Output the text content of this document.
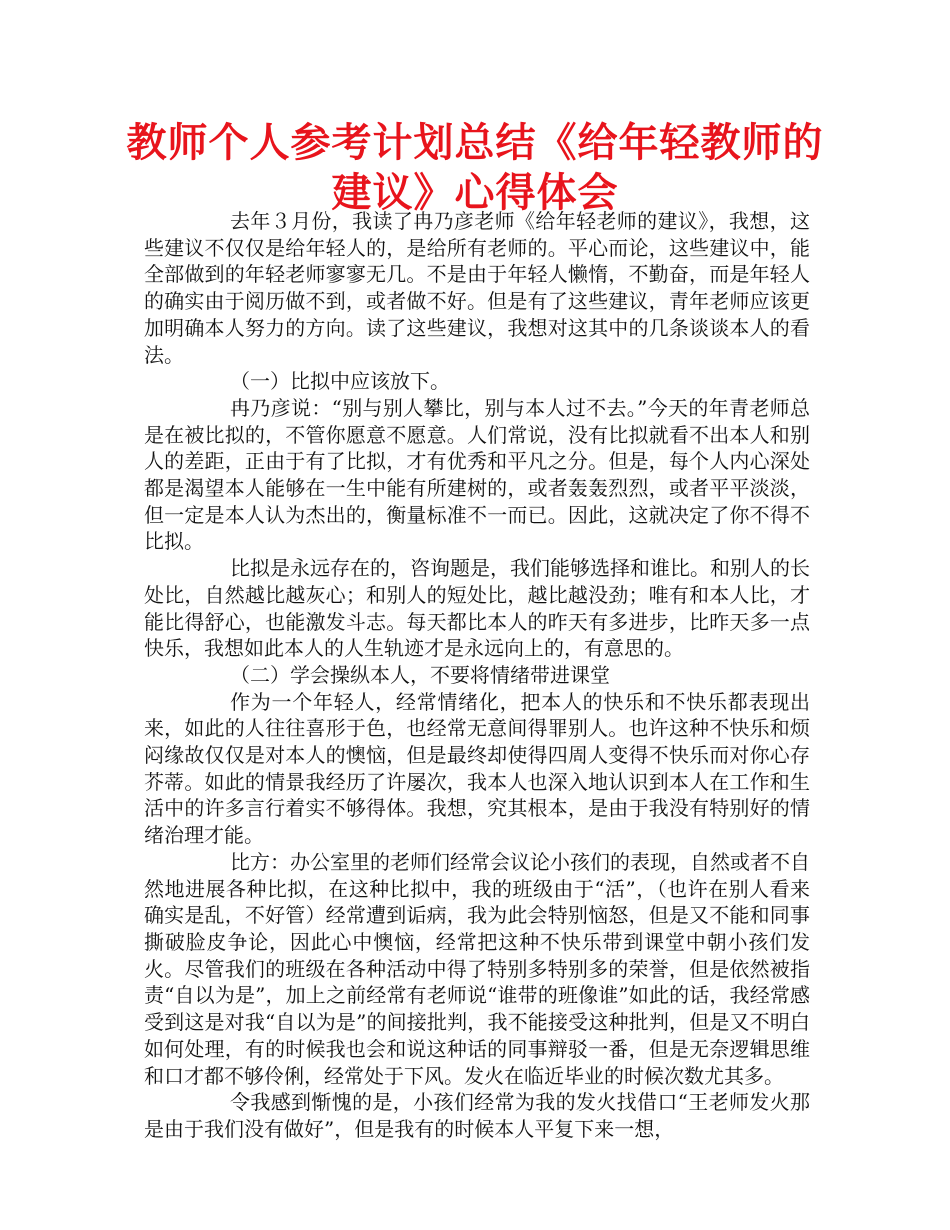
教师个人参考计划总结《给年轻教师的建议》心得体会

去年３月份，我读了冉乃彦老师《给年轻老师的建议》，我想，这些建议不仅仅是给年轻人的，是给所有老师的。平心而论，这些建议中，能全部做到的年轻老师寥寥无几。不是由于年轻人懒惰，不勤奋，而是年轻人的确实由于阅历做不到，或者做不好。但是有了这些建议，青年老师应该更加明确本人努力的方向。读了这些建议，我想对这其中的几条谈谈本人的看法。

（一）比拟中应该放下。

冉乃彦说：“别与别人攀比，别与本人过不去。”今天的年青老师总是在被比拟的，不管你愿意不愿意。人们常说，没有比拟就看不出本人和别人的差距，正由于有了比拟，才有优秀和平凡之分。但是，每个人内心深处都是渴望本人能够在一生中能有所建树的，或者轰轰烈烈，或者平平淡淡，但一定是本人认为杰出的，衡量标准不一而已。因此，这就决定了你不得不比拟。

比拟是永远存在的，咨询题是，我们能够选择和谁比。和别人的长处比，自然越比越灰心；和别人的短处比，越比越没劲；唯有和本人比，才能比得舒心，也能激发斗志。每天都比本人的昨天有多进步，比昨天多一点快乐，我想如此本人的人生轨迹才是永远向上的，有意思的。

（二）学会操纵本人，不要将情绪带进课堂

作为一个年轻人，经常情绪化，把本人的快乐和不快乐都表现出来，如此的人往往喜形于色，也经常无意间得罪别人。也许这种不快乐和烦闷缘故仅仅是对本人的懊恼，但是最终却使得四周人变得不快乐而对你心存芥蒂。如此的情景我经历了许屡次，我本人也深入地认识到本人在工作和生活中的许多言行着实不够得体。我想，究其根本，是由于我没有特别好的情绪治理才能。

比方：办公室里的老师们经常会议论小孩们的表现，自然或者不自然地进展各种比拟，在这种比拟中，我的班级由于“活”，（也许在别人看来确实是乱，不好管）经常遭到诟病，我为此会特别恼怒，但是又不能和同事撕破脸皮争论，因此心中懊恼，经常把这种不快乐带到课堂中朝小孩们发火。尽管我们的班级在各种活动中得了特别多特别多的荣誉，但是依然被指责“自以为是”，加上之前经常有老师说“谁带的班像谁”如此的话，我经常感受到这是对我“自以为是”的间接批判，我不能接受这种批判，但是又不明白如何处理，有的时候我也会和说这种话的同事辩驳一番，但是无奈逻辑思维和口才都不够伶俐，经常处于下风。发火在临近毕业的时候次数尤其多。

令我感到惭愧的是，小孩们经常为我的发火找借口“王老师发火那是由于我们没有做好”，但是我有的时候本人平复下来一想，
